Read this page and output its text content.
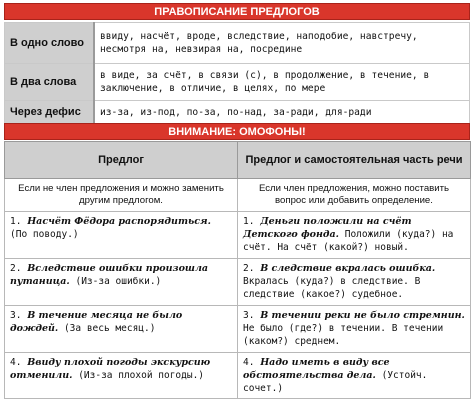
ПРАВОПИСАНИЕ ПРЕДЛОГОВ
В одно слово	ввиду, насчёт, вроде, вследствие, наподобие, навстречу, несмотря на, невзирая на, посредине
В два слова	в виде, за счёт, в связи (с), в продолжение, в течение, в заключение, в отличие, в целях, по мере
Через дефис	из-за, из-под, по-за, по-над, за-ради, для-ради
ВНИМАНИЕ: ОМОФОНЫ!
Предлог	Предлог и самостоятельная часть речи
Если не член предложения и можно заменить другим предлогом.	Если член предложения, можно поставить вопрос или добавить определение.
1. Насчёт Фёдора распорядиться. (По поводу.)	1. Деньги положили на счёт Детского фонда. Положили (куда?) на счёт. На счёт (какой?) новый.
2. Вследствие ошибки произошла путаница. (Из-за ошибки.)	2. В следствие вкралась ошибка. Вкралась (куда?) в следствие. В следствие (какое?) судебное.
3. В течение месяца не было дождей. (За весь месяц.)	3. В течении реки не было стремнин. Не было (где?) в течении. В течении (каком?) среднем.
4. Ввиду плохой погоды экскурсию отменили. (Из-за плохой погоды.)	4. Надо иметь в виду все обстоятельства дела. (Устойч. сочет.)
